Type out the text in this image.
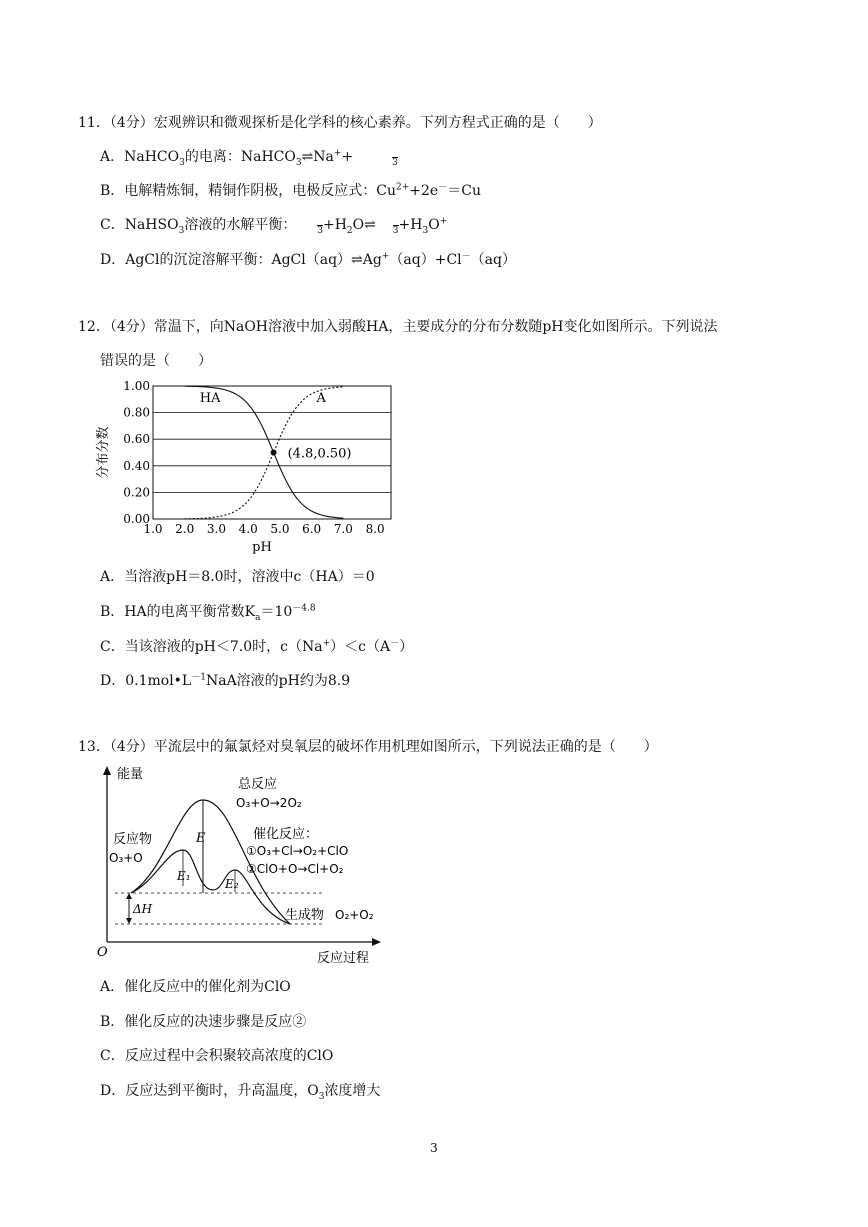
11．（4分）宏观辨识和微观探析是化学科的核心素养。下列方程式正确的是（　　）
A．NaHCO$_3$的电离：NaHCO$_3$⇌Na++	3
B．电解精炼铜，精铜作阴极，电极反应式：$Cu^{2+}+2e^-=Cu$
C．NaHSO$_3$溶液的水解平衡： $3+H_2O\rightleftharpoons$ $3+H_3O^+$
D．AgCl的沉淀溶解平衡：AgCl（aq）⇌Ag+（aq）+Cl－（aq）
12．（4分）常温下，向NaOH溶液中加入弱酸HA，主要成分的分布分数随pH变化如图所示。下列说法
错误的是（　　）
0.00
0.20
0.40
0.60
0.80
1.00
1.0 2.0 3.0 4.0 5.0 6.0 7.0 8.0
pH
分布分数
HA	A
(4.8,0.50)
A．当溶液pH＝8.0时，溶液中c（HA）＝0
B．HA的电离平衡常数$K_a=10^{-4.8}$
C．当该溶液的pH＜7.0时，c（Na+）＜c（A－）
D．$0.1mol•L^{-1}NaA$溶液的pH约为8.9
13．（4分）平流层中的氟氯烃对臭氧层的破坏作用机理如图所示，下列说法正确的是（　　）
能量
O	反应过程
ΔH
E
E₁
E₂
反应物
O₃+O
总反应
O₃+O→2O₂
催化反应：
①O₃+Cl→O₂+ClO
②ClO+O→Cl+O₂
生成物 O₂+O₂
A．催化反应中的催化剂为ClO
B．催化反应的决速步骤是反应②
C．反应过程中会积聚较高浓度的ClO
D．反应达到平衡时，升高温度，$O_3$浓度增大
3
